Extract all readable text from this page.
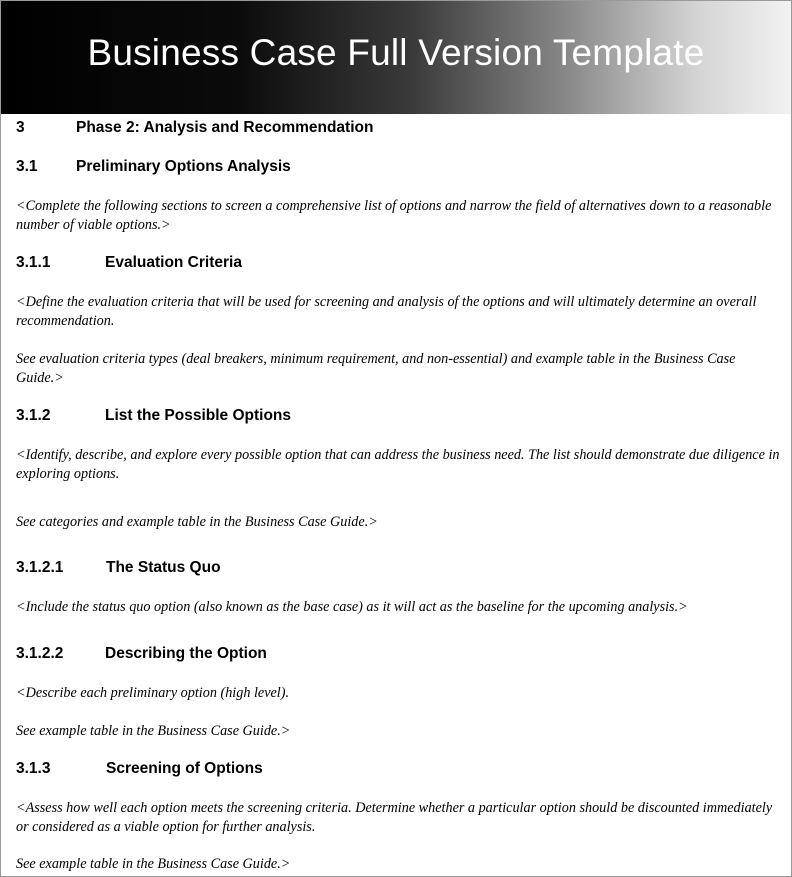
Business Case Full Version Template
3	Phase 2: Analysis and Recommendation
3.1 Preliminary Options Analysis

<Complete the following sections to screen a comprehensive list of options and narrow the field of alternatives down to a reasonable number of viable options.>

3.1.1	Evaluation Criteria

<Define the evaluation criteria that will be used for screening and analysis of the options and will ultimately determine an overall recommendation.

See evaluation criteria types (deal breakers, minimum requirement, and non-essential) and example table in the Business Case Guide.>

3.1.2	List the Possible Options

<Identify, describe, and explore every possible option that can address the business need. The list should demonstrate due diligence in exploring options.

See categories and example table in the Business Case Guide.>

3.1.2.1	The Status Quo

<Include the status quo option (also known as the base case) as it will act as the baseline for the upcoming analysis.>

3.1.2.2	Describing the Option

<Describe each preliminary option (high level).

See example table in the Business Case Guide.>

3.1.3	Screening of Options

<Assess how well each option meets the screening criteria. Determine whether a particular option should be discounted immediately or considered as a viable option for further analysis.

See example table in the Business Case Guide.>
